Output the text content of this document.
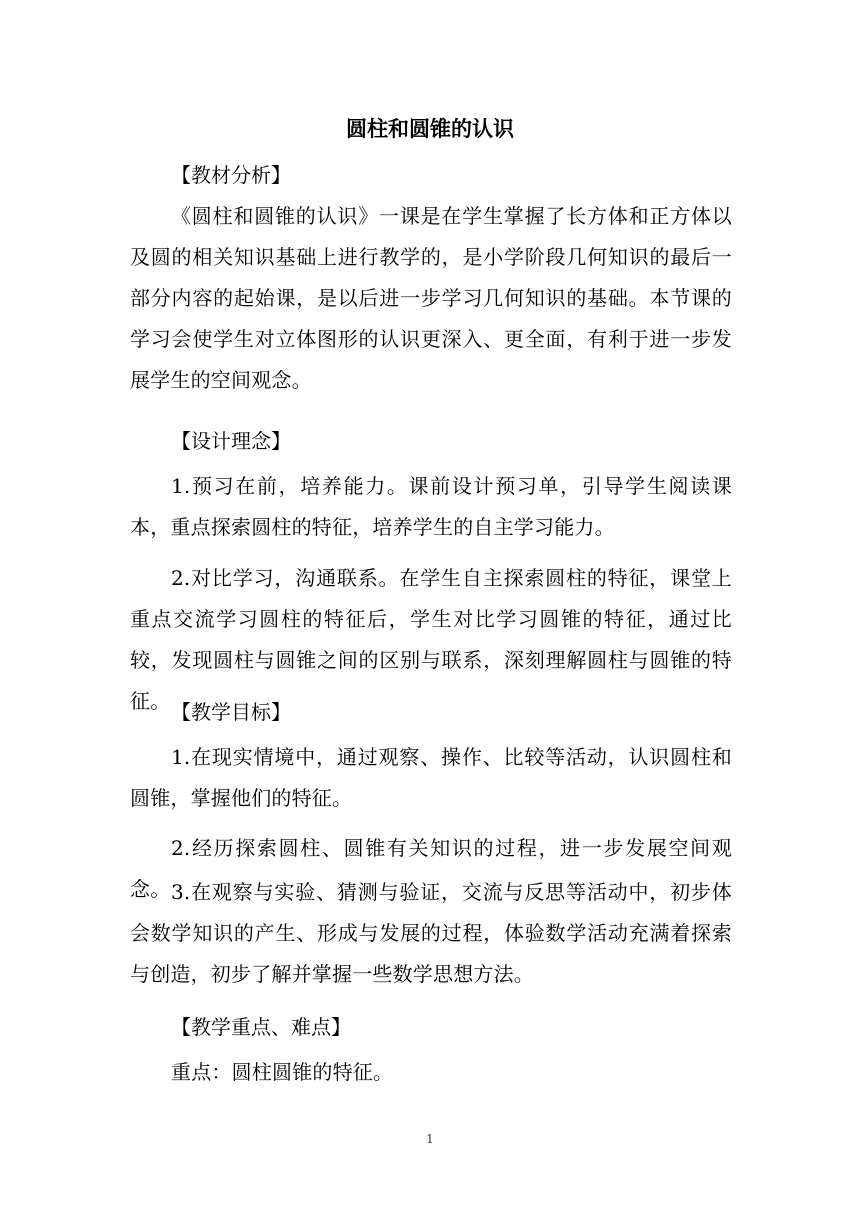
圆柱和圆锥的认识
【教材分析】

《圆柱和圆锥的认识》一课是在学生掌握了长方体和正方体以及圆的相关知识基础上进行教学的，是小学阶段几何知识的最后一部分内容的起始课，是以后进一步学习几何知识的基础。本节课的学习会使学生对立体图形的认识更深入、更全面，有利于进一步发展学生的空间观念。

【设计理念】

1.预习在前，培养能力。课前设计预习单，引导学生阅读课本，重点探索圆柱的特征，培养学生的自主学习能力。

2.对比学习，沟通联系。在学生自主探索圆柱的特征，课堂上重点交流学习圆柱的特征后，学生对比学习圆锥的特征，通过比较，发现圆柱与圆锥之间的区别与联系，深刻理解圆柱与圆锥的特征。 【教学目标】

1.在现实情境中，通过观察、操作、比较等活动，认识圆柱和圆锥，掌握他们的特征。

2.经历探索圆柱、圆锥有关知识的过程，进一步发展空间观念。 3.在观察与实验、猜测与验证，交流与反思等活动中，初步体会数学知识的产生、形成与发展的过程，体验数学活动充满着探索与创造，初步了解并掌握一些数学思想方法。

【教学重点、难点】

重点：圆柱圆锥的特征。

1
